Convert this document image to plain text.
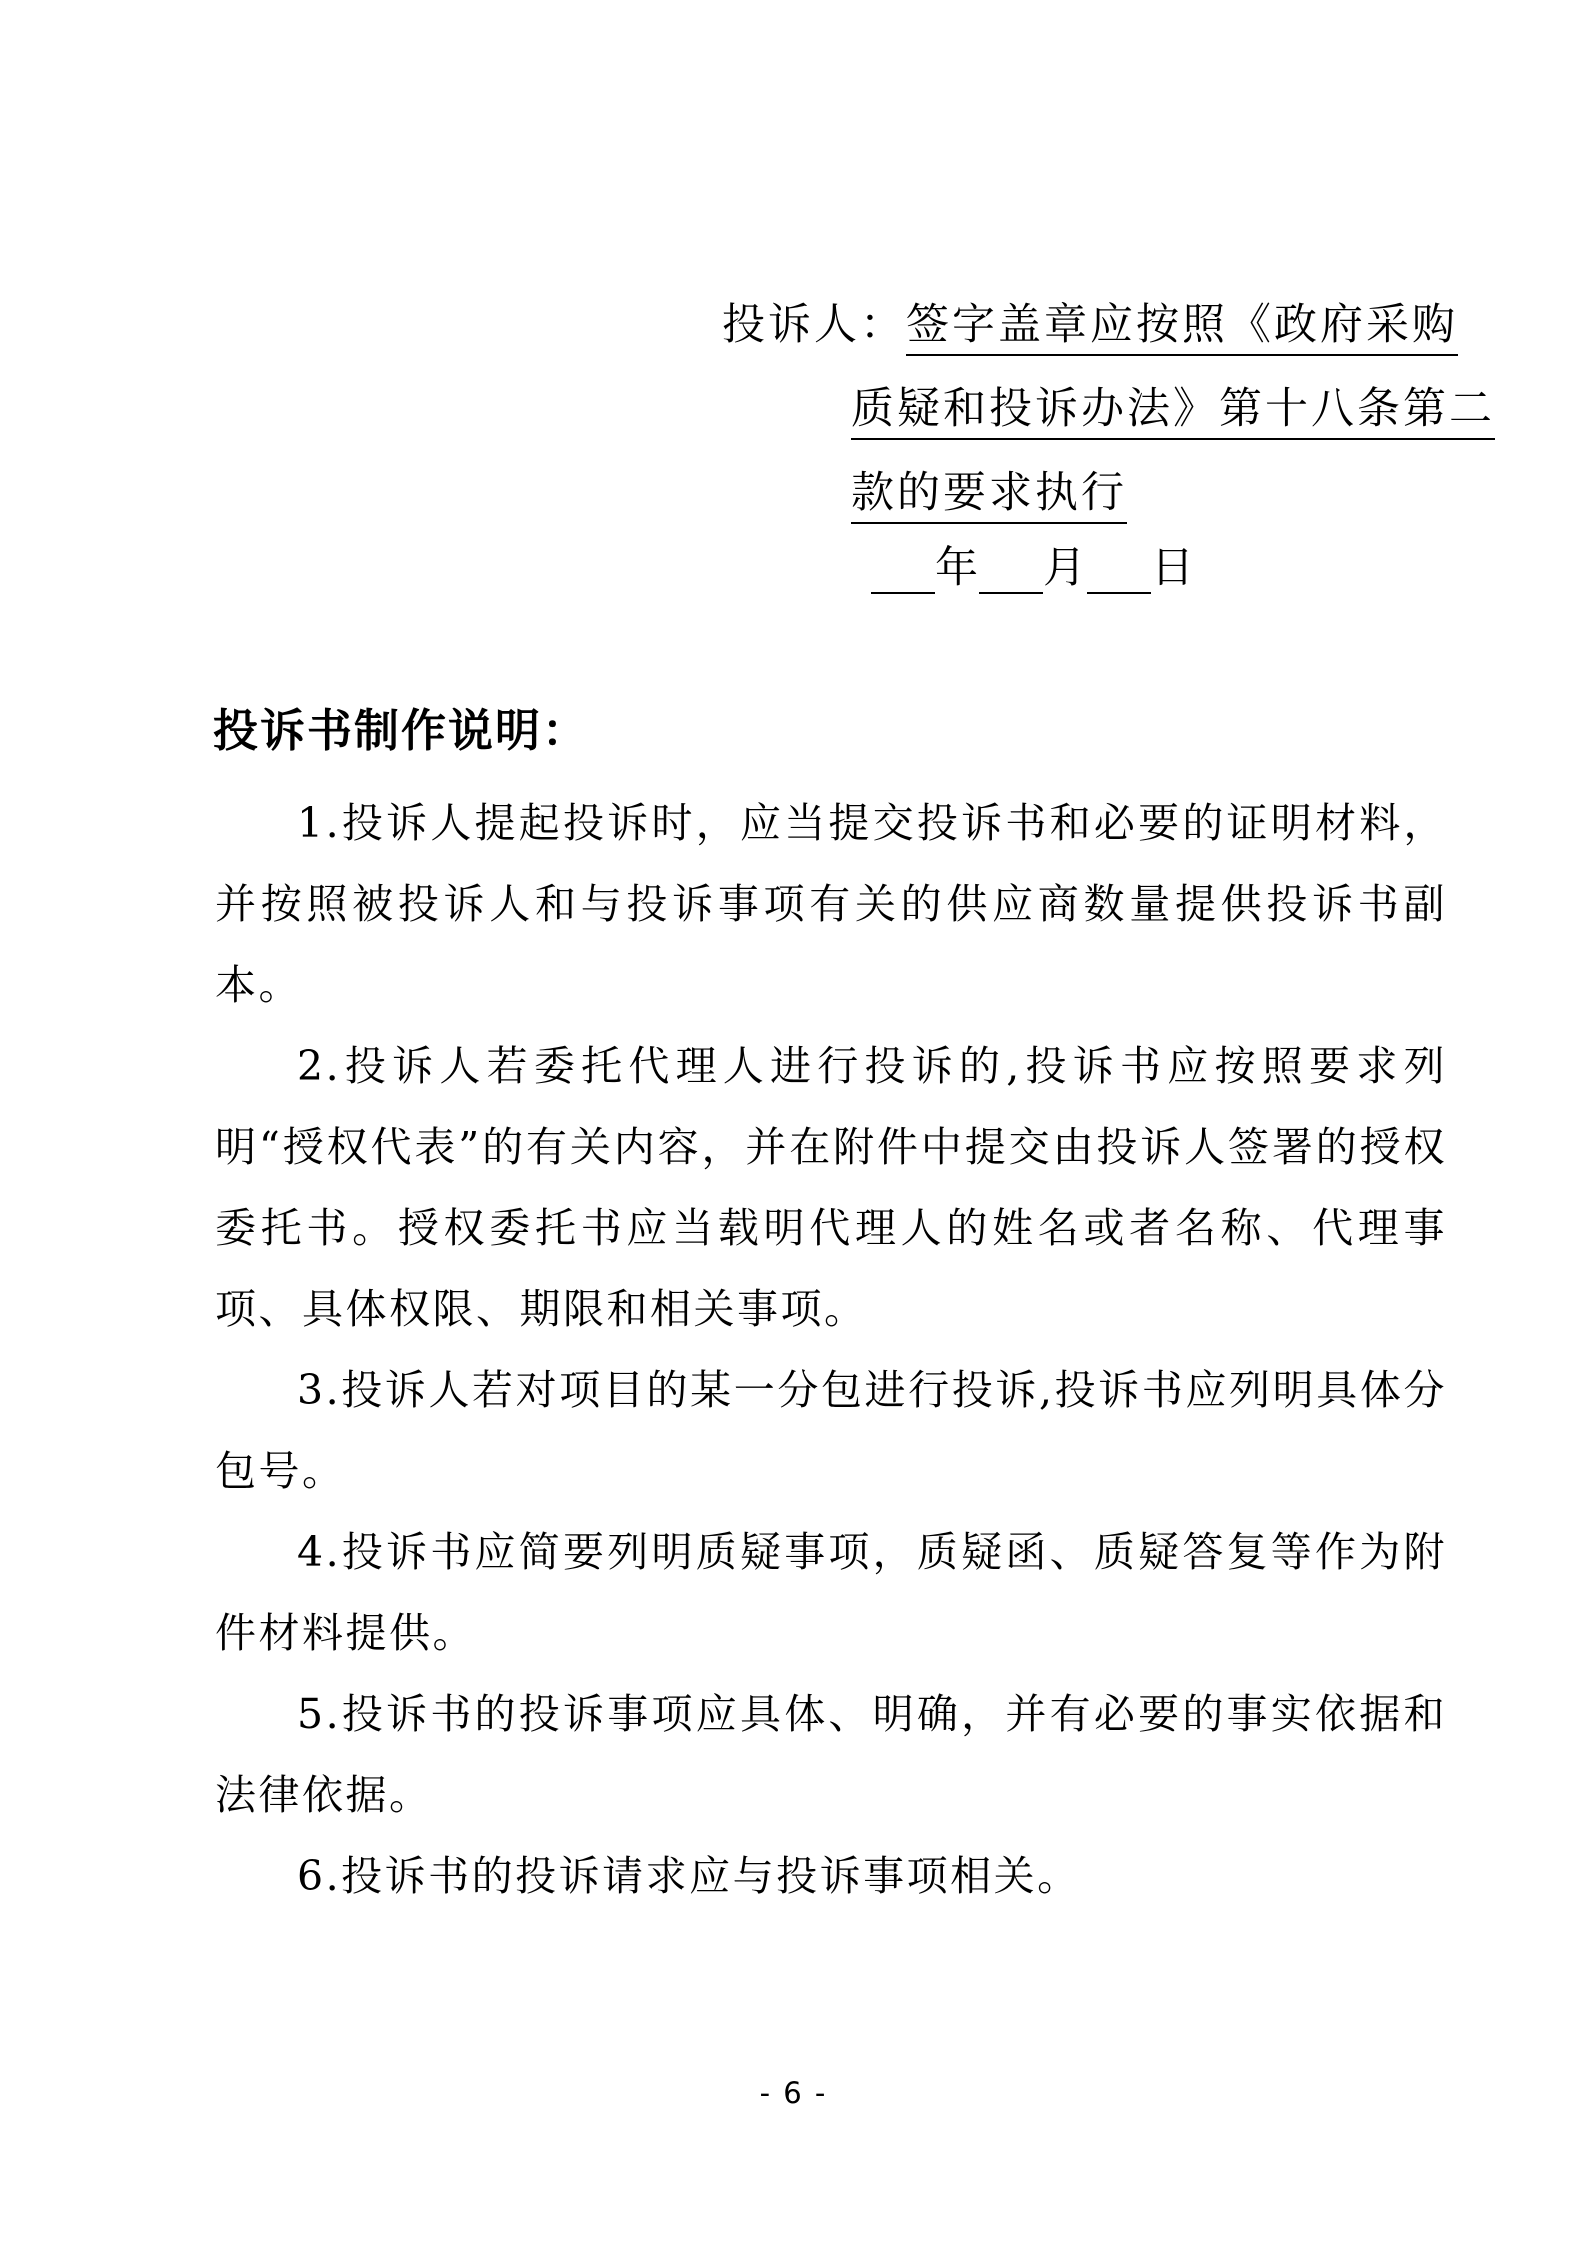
投诉人：签字盖章应按照《政府采购
质疑和投诉办法》第十八条第二
款的要求执行
年 月 日
投诉书制作说明：

1.投诉人提起投诉时，应当提交投诉书和必要的证明材料，并按照被投诉人和与投诉事项有关的供应商数量提供投诉书副本。

2.投诉人若委托代理人进行投诉的,投诉书应按照要求列明“授权代表”的有关内容，并在附件中提交由投诉人签署的授权委托书。授权委托书应当载明代理人的姓名或者名称、代理事项、具体权限、期限和相关事项。

3.投诉人若对项目的某一分包进行投诉,投诉书应列明具体分包号。

4.投诉书应简要列明质疑事项，质疑函、质疑答复等作为附件材料提供。

5.投诉书的投诉事项应具体、明确，并有必要的事实依据和法律依据。

6.投诉书的投诉请求应与投诉事项相关。

- 6 -
